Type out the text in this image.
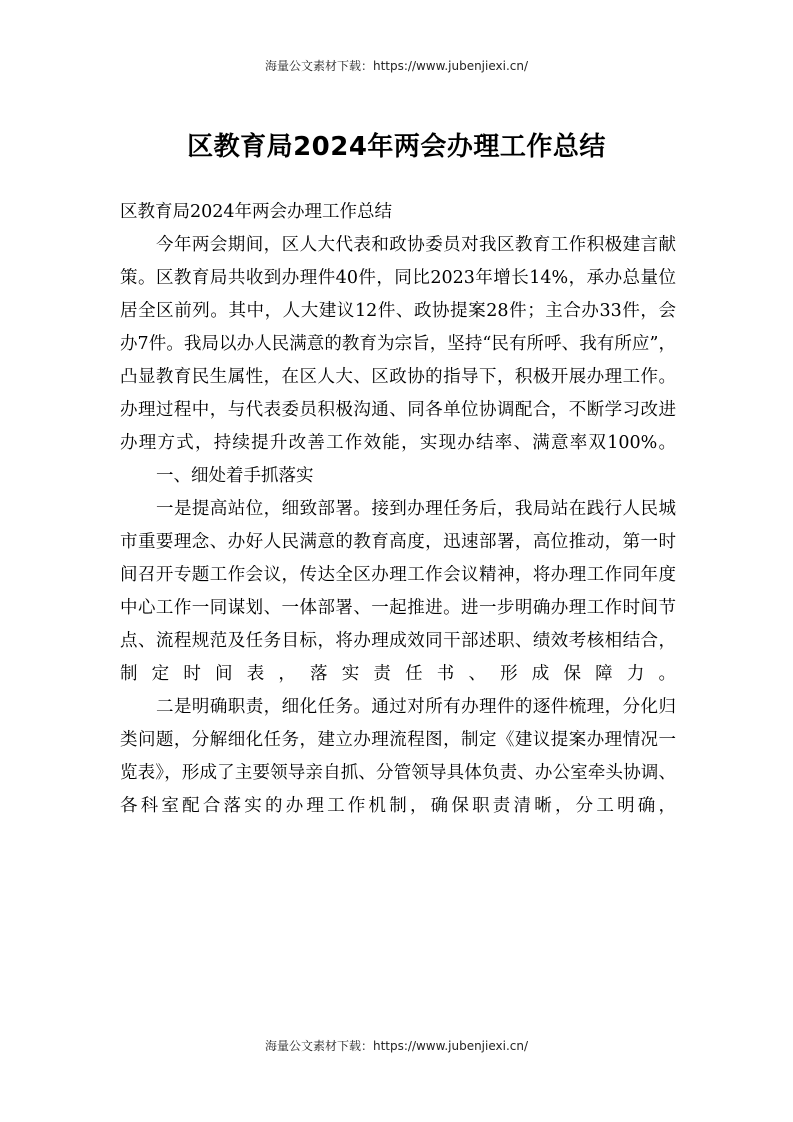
海量公文素材下载：https://www.jubenjiexi.cn/
区教育局2024年两会办理工作总结

区教育局2024年两会办理工作总结

今年两会期间，区人大代表和政协委员对我区教育工作积极建言献策。区教育局共收到办理件40件，同比2023年增长14%，承办总量位居全区前列。其中，人大建议12件、政协提案28件；主合办33件，会办7件。我局以办人民满意的教育为宗旨，坚持“民有所呼、我有所应”，凸显教育民生属性，在区人大、区政协的指导下，积极开展办理工作。办理过程中，与代表委员积极沟通、同各单位协调配合，不断学习改进办理方式，持续提升改善工作效能，实现办结率、满意率双100%。

一、细处着手抓落实

一是提高站位，细致部署。接到办理任务后，我局站在践行人民城市重要理念、办好人民满意的教育高度，迅速部署，高位推动，第一时间召开专题工作会议，传达全区办理工作会议精神，将办理工作同年度中心工作一同谋划、一体部署、一起推进。进一步明确办理工作时间节点、流程规范及任务目标，将办理成效同干部述职、绩效考核相结合，制定时间表，落实责任书、形成保障力。

二是明确职责，细化任务。通过对所有办理件的逐件梳理，分化归类问题，分解细化任务，建立办理流程图，制定《建议提案办理情况一览表》，形成了主要领导亲自抓、分管领导具体负责、办公室牵头协调、各科室配合落实的办理工作机制，确保职责清晰，分工明确，

海量公文素材下载：https://www.jubenjiexi.cn/
